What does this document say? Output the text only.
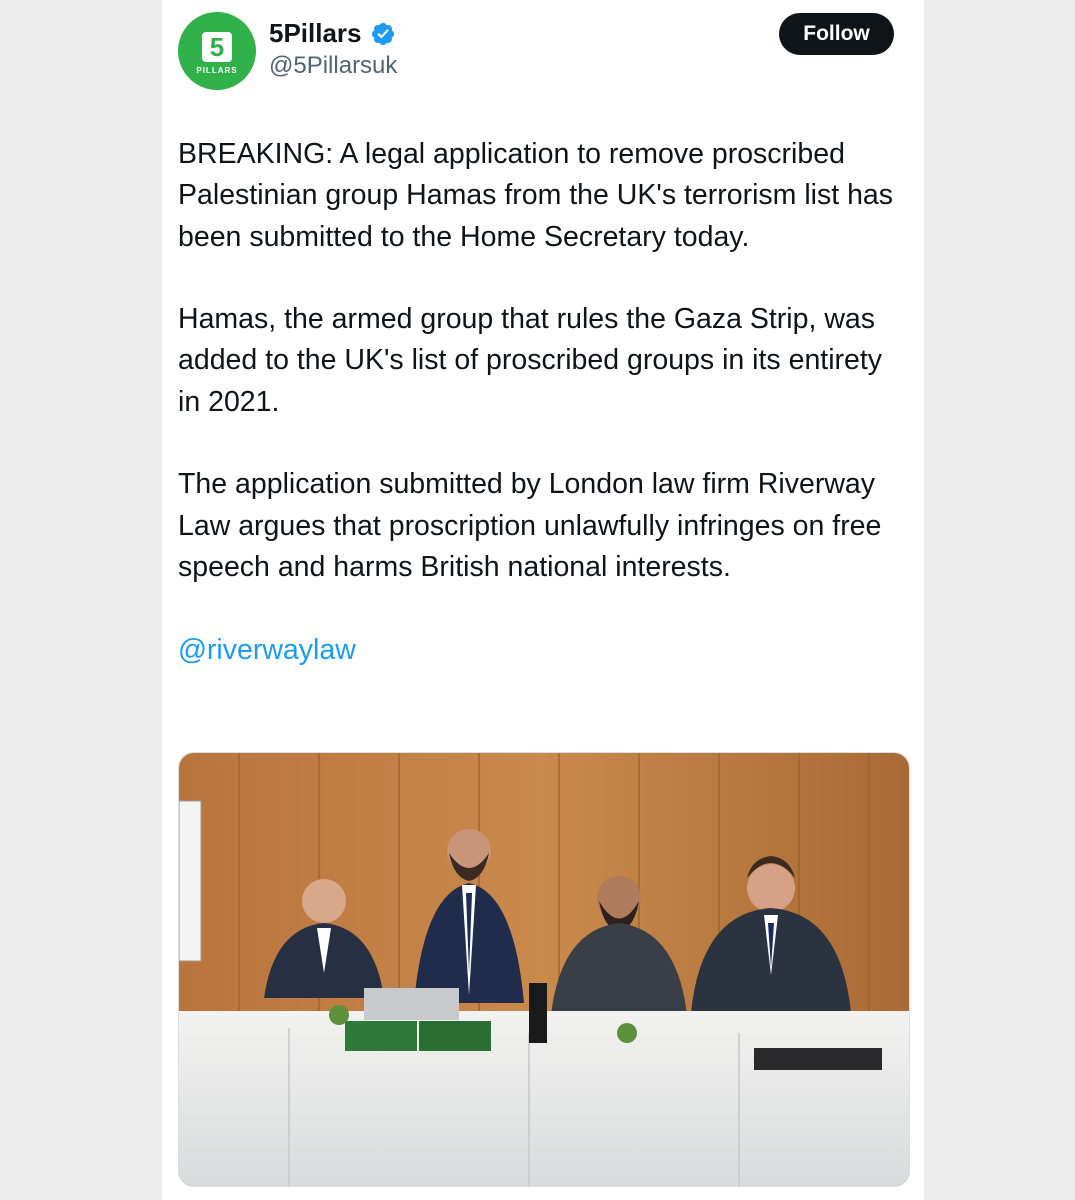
5
PILLARS
5Pillars
@5Pillarsuk
Follow

BREAKING: A legal application to remove proscribed Palestinian group Hamas from the UK's terrorism list has been submitted to the Home Secretary today.

Hamas, the armed group that rules the Gaza Strip, was added to the UK's list of proscribed groups in its entirety in 2021.

The application submitted by London law firm Riverway Law argues that proscription unlawfully infringes on free speech and harms British national interests.

@riverwaylaw
